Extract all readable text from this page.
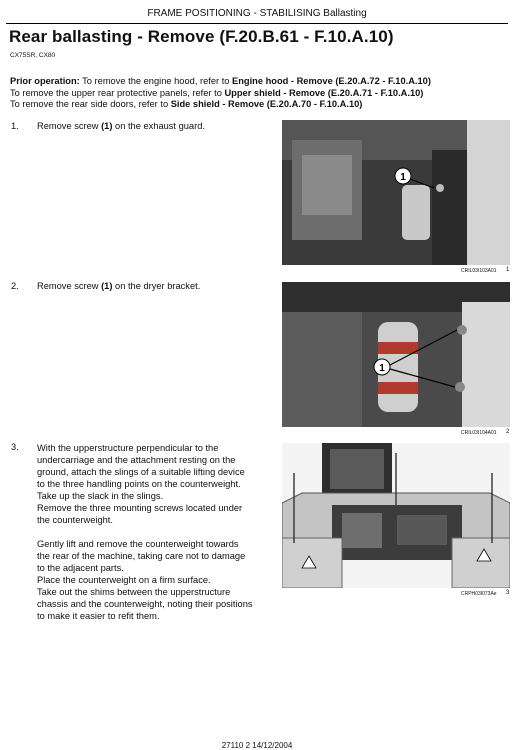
FRAME POSITIONING - STABILISING Ballasting
Rear ballasting - Remove (F.20.B.61 - F.10.A.10)
CX75SR, CX80
Prior operation: To remove the engine hood, refer to Engine hood - Remove (E.20.A.72 - F.10.A.10)
To remove the upper rear protective panels, refer to Upper shield - Remove (E.20.A.71 - F.10.A.10)
To remove the rear side doors, refer to Side shield - Remove (E.20.A.70 - F.10.A.10)
1. Remove screw (1) on the exhaust guard.
1
CRIL03I103A01 1
2. Remove screw (1) on the dryer bracket.
1
CRIL03I104A01 2
3. With the upperstructure perpendicular to the
undercarriage and the attachment resting on the
ground, attach the slings of a suitable lifting device
to the three handling points on the counterweight.
Take up the slack in the slings.
Remove the three mounting screws located under
the counterweight.
Gently lift and remove the counterweight towards
the rear of the machine, taking care not to damage
to the adjacent parts.
Place the counterweight on a firm surface.
Take out the shims between the upperstructure
chassis and the counterweight, noting their positions
to make it easier to refit them.
CRPH03I073Ae 3
27110 2 14/12/2004
